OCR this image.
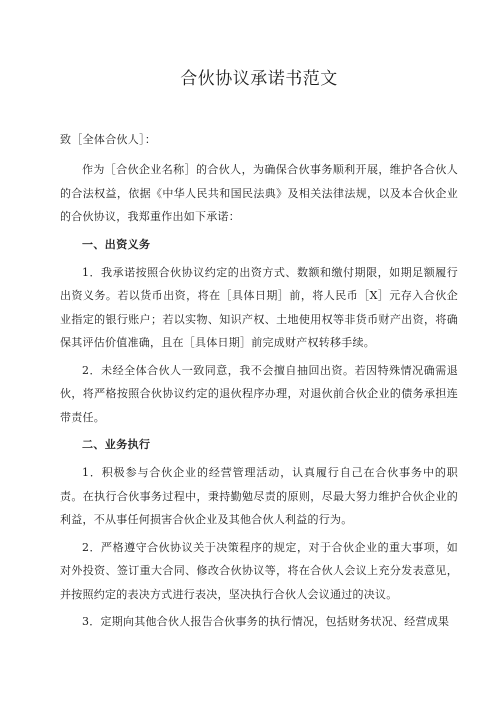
合伙协议承诺书范文
致［全体合伙人］：

作为［合伙企业名称］的合伙人，为确保合伙事务顺利开展，维护各合伙人的合法权益，依据《中华人民共和国民法典》及相关法律法规，以及本合伙企业的合伙协议，我郑重作出如下承诺：

一、出资义务

1．我承诺按照合伙协议约定的出资方式、数额和缴付期限，如期足额履行出资义务。若以货币出资，将在［具体日期］前，将人民币［X］元存入合伙企业指定的银行账户；若以实物、知识产权、土地使用权等非货币财产出资，将确保其评估价值准确，且在［具体日期］前完成财产权转移手续。

2．未经全体合伙人一致同意，我不会擅自抽回出资。若因特殊情况确需退伙，将严格按照合伙协议约定的退伙程序办理，对退伙前合伙企业的债务承担连带责任。

二、业务执行

1．积极参与合伙企业的经营管理活动，认真履行自己在合伙事务中的职责。在执行合伙事务过程中，秉持勤勉尽责的原则，尽最大努力维护合伙企业的利益，不从事任何损害合伙企业及其他合伙人利益的行为。

2．严格遵守合伙协议关于决策程序的规定，对于合伙企业的重大事项，如对外投资、签订重大合同、修改合伙协议等，将在合伙人会议上充分发表意见，并按照约定的表决方式进行表决，坚决执行合伙人会议通过的决议。

3．定期向其他合伙人报告合伙事务的执行情况，包括财务状况、经营成果
